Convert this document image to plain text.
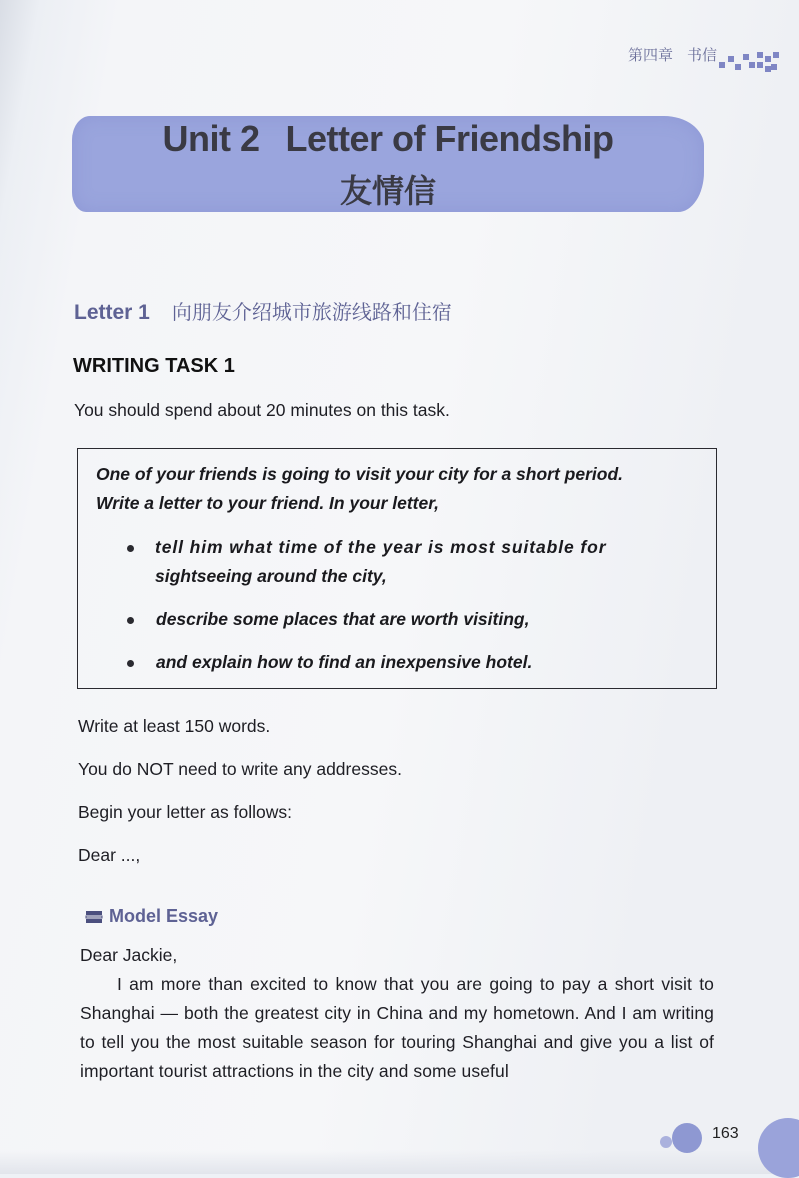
第四章 书信
Unit 2 Letter of Friendship
友情信
Letter 1 向朋友介绍城市旅游线路和住宿
WRITING TASK 1
You should spend about 20 minutes on this task.
One of your friends is going to visit your city for a short period.
Write a letter to your friend. In your letter,
tell him what time of the year is most suitable for
sightseeing around the city,
describe some places that are worth visiting,
and explain how to find an inexpensive hotel.
Write at least 150 words.
You do NOT need to write any addresses.
Begin your letter as follows:
Dear ...,
Model Essay
Dear Jackie,
I am more than excited to know that you are going to pay a short visit to Shanghai — both the greatest city in China and my hometown. And I am writing to tell you the most suitable season for touring Shanghai and give you a list of important tourist attractions in the city and some useful
163
